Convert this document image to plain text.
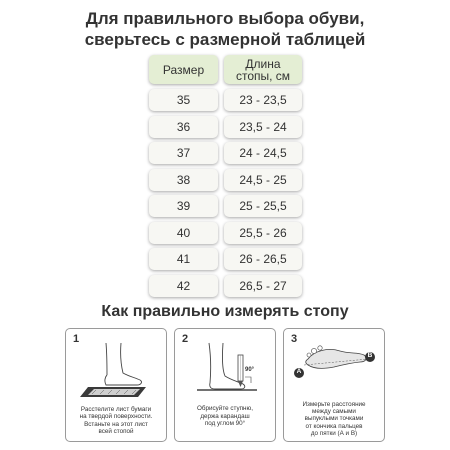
Для правильного выбора обуви,
сверьтесь с размерной таблицей
Размер	Длина
стопы, см
35	23 - 23,5
36	23,5 - 24
37	24 - 24,5
38	24,5 - 25
39	25 - 25,5
40	25,5 - 26
41	26 - 26,5
42	26,5 - 27
Как правильно измерять стопу
1
Расстелите лист бумаги
на твердой поверхности.
Встаньте на этот лист
всей стопой
2
90°
Обрисуйте ступню,
держа карандаш
под углом 90°
3
A
B
Измерьте расстояние
между самыми
выпуклыми точками
от кончика пальцев
до пятки (А и В)
